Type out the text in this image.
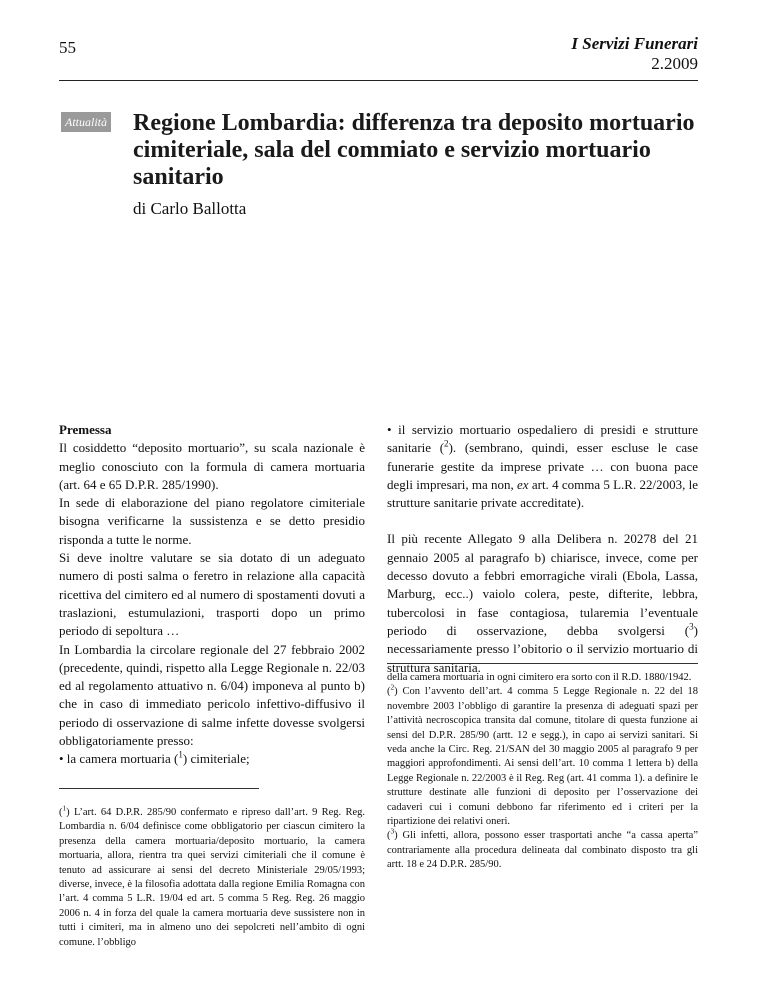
55	I Servizi Funerari
2.2009
Attualità Regione Lombardia: differenza tra deposito mortuario cimiteriale, sala del commiato e servizio mortuario sanitario
di Carlo Ballotta

Premessa

Il cosiddetto “deposito mortuario”, su scala nazionale è meglio conosciuto con la formula di camera mortuaria (art. 64 e 65 D.P.R. 285/1990).

In sede di elaborazione del piano regolatore cimiteriale bisogna verificarne la sussistenza e se detto presidio risponda a tutte le norme.

Si deve inoltre valutare se sia dotato di un adeguato numero di posti salma o feretro in relazione alla capacità ricettiva del cimitero ed al numero di spostamenti dovuti a traslazioni, estumulazioni, trasporti dopo un primo periodo di sepoltura …

In Lombardia la circolare regionale del 27 febbraio 2002 (precedente, quindi, rispetto alla Legge Regionale n. 22/03 ed al regolamento attuativo n. 6/04) imponeva al punto b) che in caso di immediato pericolo infettivo-diffusivo il periodo di osservazione di salme infette dovesse svolgersi obbligatoriamente presso:

• la camera mortuaria ($^1$) cimiteriale;

($^1$) L’art. 64 D.P.R. 285/90 confermato e ripreso dall’art. 9 Reg. Reg. Lombardia n. 6/04 definisce come obbligatorio per ciascun cimitero la presenza della camera mortuaria/deposito mortuario, la camera mortuaria, allora, rientra tra quei servizi cimiteriali che il comune è tenuto ad assicurare ai sensi del decreto Ministeriale 29/05/1993; diverse, invece, è la filosofia adottata dalla regione Emilia Romagna con l’art. 4 comma 5 L.R. 19/04 ed art. 5 comma 5 Reg. Reg. 26 maggio 2006 n. 4 in forza del quale la camera mortuaria deve sussistere non in tutti i cimiteri, ma in almeno uno dei sepolcreti nell’ambito di ogni comune. l’obbligo

• il servizio mortuario ospedaliero di presidi e strutture sanitarie ($^2$). (sembrano, quindi, esser escluse le case funerarie gestite da imprese private … con buona pace degli impresari, ma non, ex art. 4 comma 5 L.R. 22/2003, le strutture sanitarie private accreditate).

Il più recente Allegato 9 alla Delibera n. 20278 del 21 gennaio 2005 al paragrafo b) chiarisce, invece, come per decesso dovuto a febbri emorragiche virali (Ebola, Lassa, Marburg, ecc..) vaiolo colera, peste, difterite, lebbra, tubercolosi in fase contagiosa, tularemia l’eventuale periodo di osservazione, debba svolgersi ($^3$) necessariamente presso l’obitorio o il servizio mortuario di struttura sanitaria.

della camera mortuaria in ogni cimitero era sorto con il R.D. 1880/1942.

($^2$) Con l’avvento dell’art. 4 comma 5 Legge Regionale n. 22 del 18 novembre 2003 l’obbligo di garantire la presenza di adeguati spazi per l’attività necroscopica transita dal comune, titolare di questa funzione ai sensi del D.P.R. 285/90 (artt. 12 e segg.), in capo ai servizi sanitari. Si veda anche la Circ. Reg. 21/SAN del 30 maggio 2005 al paragrafo 9 per maggiori approfondimenti. Ai sensi dell’art. 10 comma 1 lettera b) della Legge Regionale n. 22/2003 è il Reg. Reg (art. 41 comma 1). a definire le strutture destinate alle funzioni di deposito per l’osservazione dei cadaveri cui i comuni debbono far riferimento ed i criteri per la ripartizione dei relativi oneri.

($^3$) Gli infetti, allora, possono esser trasportati anche “a cassa aperta” contrariamente alla procedura delineata dal combinato disposto tra gli artt. 18 e 24 D.P.R. 285/90.
